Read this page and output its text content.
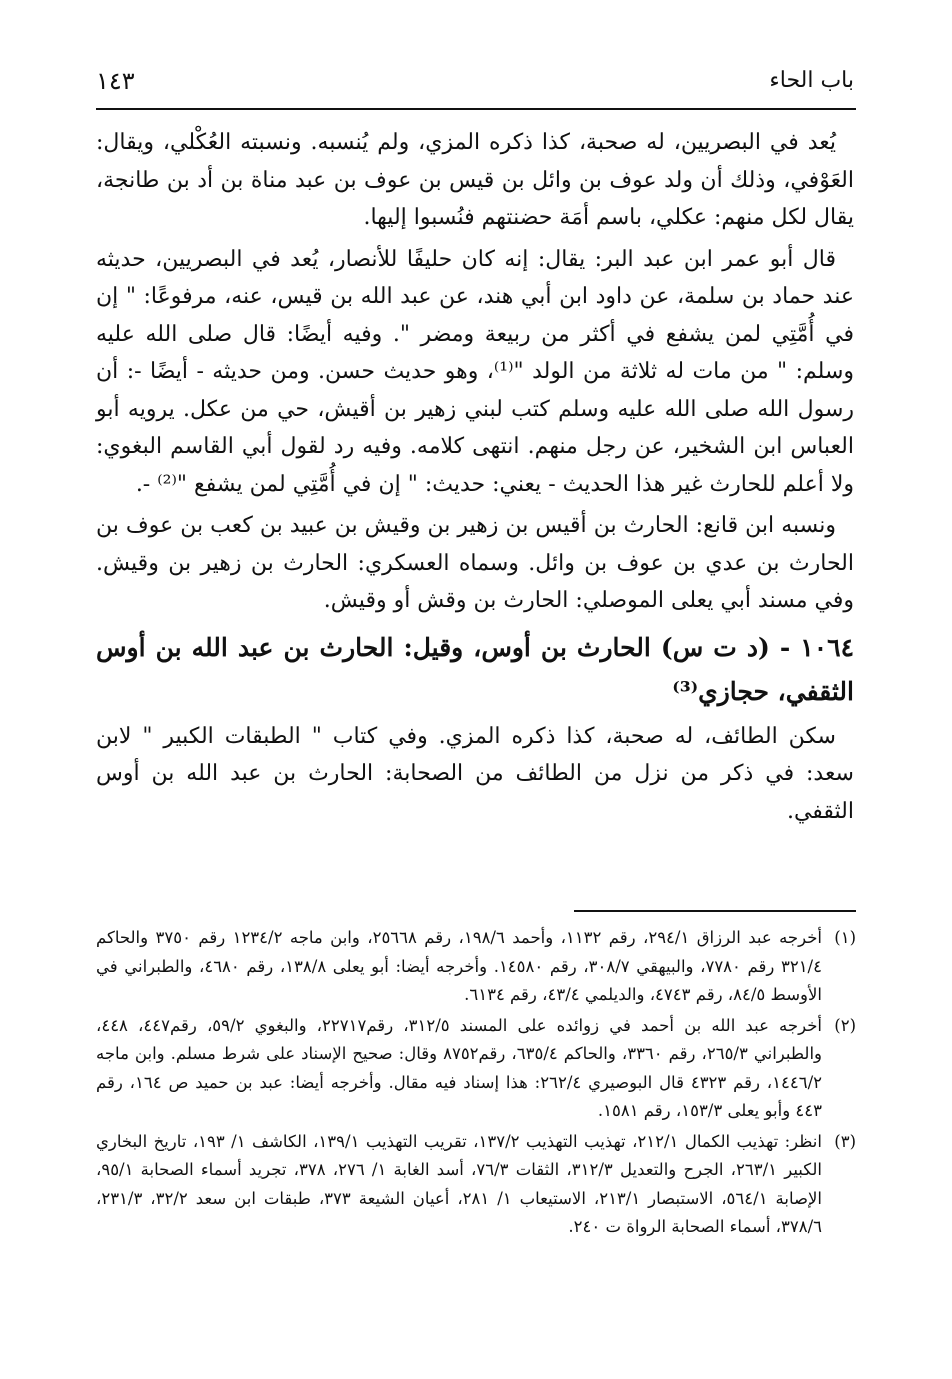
باب الحاء
١٤٣

يُعد في البصريين، له صحبة، كذا ذكره المزي، ولم يُنسبه. ونسبته العُكْلي، ويقال: العَوْفي، وذلك أن ولد عوف بن وائل بن قيس بن عوف بن عبد مناة بن أد بن طانجة، يقال لكل منهم: عكلي، باسم أمَة حضنتهم فنُسبوا إليها.

قال أبو عمر ابن عبد البر: يقال: إنه كان حليفًا للأنصار، يُعد في البصريين، حديثه عند حماد بن سلمة، عن داود ابن أبي هند، عن عبد الله بن قيس، عنه، مرفوعًا: " إن في أُمَّتِي لمن يشفع في أكثر من ربيعة ومضر ". وفيه أيضًا: قال صلى الله عليه وسلم: " من مات له ثلاثة من الولد "⁽¹⁾، وهو حديث حسن. ومن حديثه - أيضًا -: أن رسول الله صلى الله عليه وسلم كتب لبني زهير بن أقيش، حي من عكل. يرويه أبو العباس ابن الشخير، عن رجل منهم. انتهى كلامه. وفيه رد لقول أبي القاسم البغوي: ولا أعلم للحارث غير هذا الحديث - يعني: حديث: " إن في أُمَّتِي لمن يشفع "⁽²⁾ -.

ونسبه ابن قانع: الحارث بن أقيس بن زهير بن وقيش بن عبيد بن كعب بن عوف بن الحارث بن عدي بن عوف بن وائل. وسماه العسكري: الحارث بن زهير بن وقيش. وفي مسند أبي يعلى الموصلي: الحارث بن وقش أو وقيش.

١٠٦٤ - (د ت س) الحارث بن أوس، وقيل: الحارث بن عبد الله بن أوس الثقفي، حجازي⁽³⁾

سكن الطائف، له صحبة، كذا ذكره المزي. وفي كتاب " الطبقات الكبير " لابن سعد: في ذكر من نزل من الطائف من الصحابة: الحارث بن عبد الله بن أوس الثقفي.

(١)
أخرجه عبد الرزاق ٢٩٤/١، رقم ١١٣٢، وأحمد ١٩٨/٦، رقم ٢٥٦٦٨، وابن ماجه ١٢٣٤/٢ رقم ٣٧٥٠ والحاكم ٣٢١/٤ رقم ٧٧٨٠، والبيهقي ٣٠٨/٧، رقم ١٤٥٨٠. وأخرجه أيضا: أبو يعلى ١٣٨/٨، رقم ٤٦٨٠، والطبراني في الأوسط ٨٤/٥، رقم ٤٧٤٣، والديلمي ٤٣/٤، رقم ٦١٣٤.
(٢)
أخرجه عبد الله بن أحمد في زوائده على المسند ٣١٢/٥، رقم٢٢٧١٧، والبغوي ٥٩/٢، رقم٤٤٧، ٤٤٨، والطبراني ٢٦٥/٣، رقم ٣٣٦٠، والحاكم ٦٣٥/٤، رقم٨٧٥٢ وقال: صحيح الإسناد على شرط مسلم. وابن ماجه ١٤٤٦/٢، رقم ٤٣٢٣ قال البوصيري ٢٦٢/٤: هذا إسناد فيه مقال. وأخرجه أيضا: عبد بن حميد ص ١٦٤، رقم ٤٤٣ وأبو يعلى ١٥٣/٣، رقم ١٥٨١.
(٣)
انظر: تهذيب الكمال ٢١٢/١، تهذيب التهذيب ١٣٧/٢، تقريب التهذيب ١٣٩/١، الكاشف ١/ ١٩٣، تاريخ البخاري الكبير ٢٦٣/١، الجرح والتعديل ٣١٢/٣، الثقات ٧٦/٣، أسد الغابة ١/ ٢٧٦، ٣٧٨، تجريد أسماء الصحابة ٩٥/١، الإصابة ٥٦٤/١، الاستبصار ٢١٣/١، الاستيعاب ١/ ٢٨١، أعيان الشيعة ٣٧٣، طبقات ابن سعد ٣٢/٢، ٢٣١/٣، ٣٧٨/٦، أسماء الصحابة الرواة ت ٢٤٠.
